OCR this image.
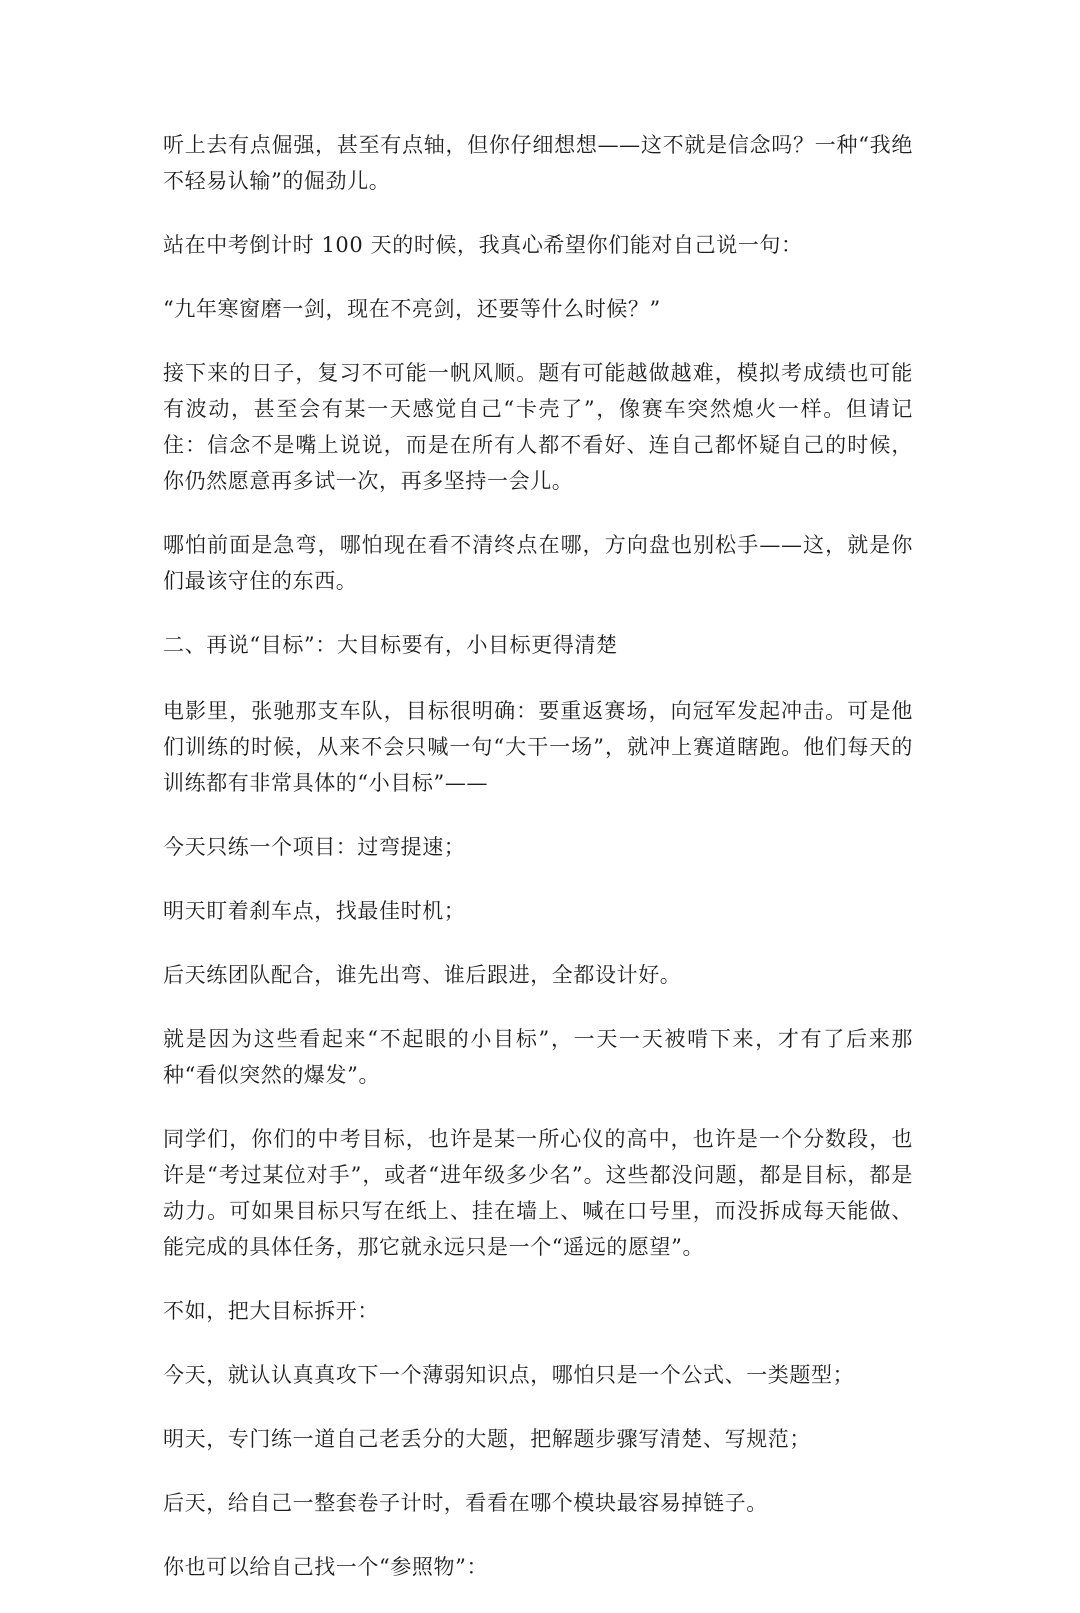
听上去有点倔强，甚至有点轴，但你仔细想想——这不就是信念吗？一种“我绝不轻易认输”的倔劲儿。

站在中考倒计时 100 天的时候，我真心希望你们能对自己说一句：

“九年寒窗磨一剑，现在不亮剑，还要等什么时候？”

接下来的日子，复习不可能一帆风顺。题有可能越做越难，模拟考成绩也可能有波动，甚至会有某一天感觉自己“卡壳了”，像赛车突然熄火一样。但请记住：信念不是嘴上说说，而是在所有人都不看好、连自己都怀疑自己的时候，你仍然愿意再多试一次，再多坚持一会儿。

哪怕前面是急弯，哪怕现在看不清终点在哪，方向盘也别松手——这，就是你们最该守住的东西。

二、再说“目标”：大目标要有，小目标更得清楚

电影里，张驰那支车队，目标很明确：要重返赛场，向冠军发起冲击。可是他们训练的时候，从来不会只喊一句“大干一场”，就冲上赛道瞎跑。他们每天的训练都有非常具体的“小目标”——

今天只练一个项目：过弯提速；

明天盯着刹车点，找最佳时机；

后天练团队配合，谁先出弯、谁后跟进，全都设计好。

就是因为这些看起来“不起眼的小目标”，一天一天被啃下来，才有了后来那种“看似突然的爆发”。

同学们，你们的中考目标，也许是某一所心仪的高中，也许是一个分数段，也许是“考过某位对手”，或者“进年级多少名”。这些都没问题，都是目标，都是动力。可如果目标只写在纸上、挂在墙上、喊在口号里，而没拆成每天能做、能完成的具体任务，那它就永远只是一个“遥远的愿望”。

不如，把大目标拆开：

今天，就认认真真攻下一个薄弱知识点，哪怕只是一个公式、一类题型；

明天，专门练一道自己老丢分的大题，把解题步骤写清楚、写规范；

后天，给自己一整套卷子计时，看看在哪个模块最容易掉链子。

你也可以给自己找一个“参照物”：
